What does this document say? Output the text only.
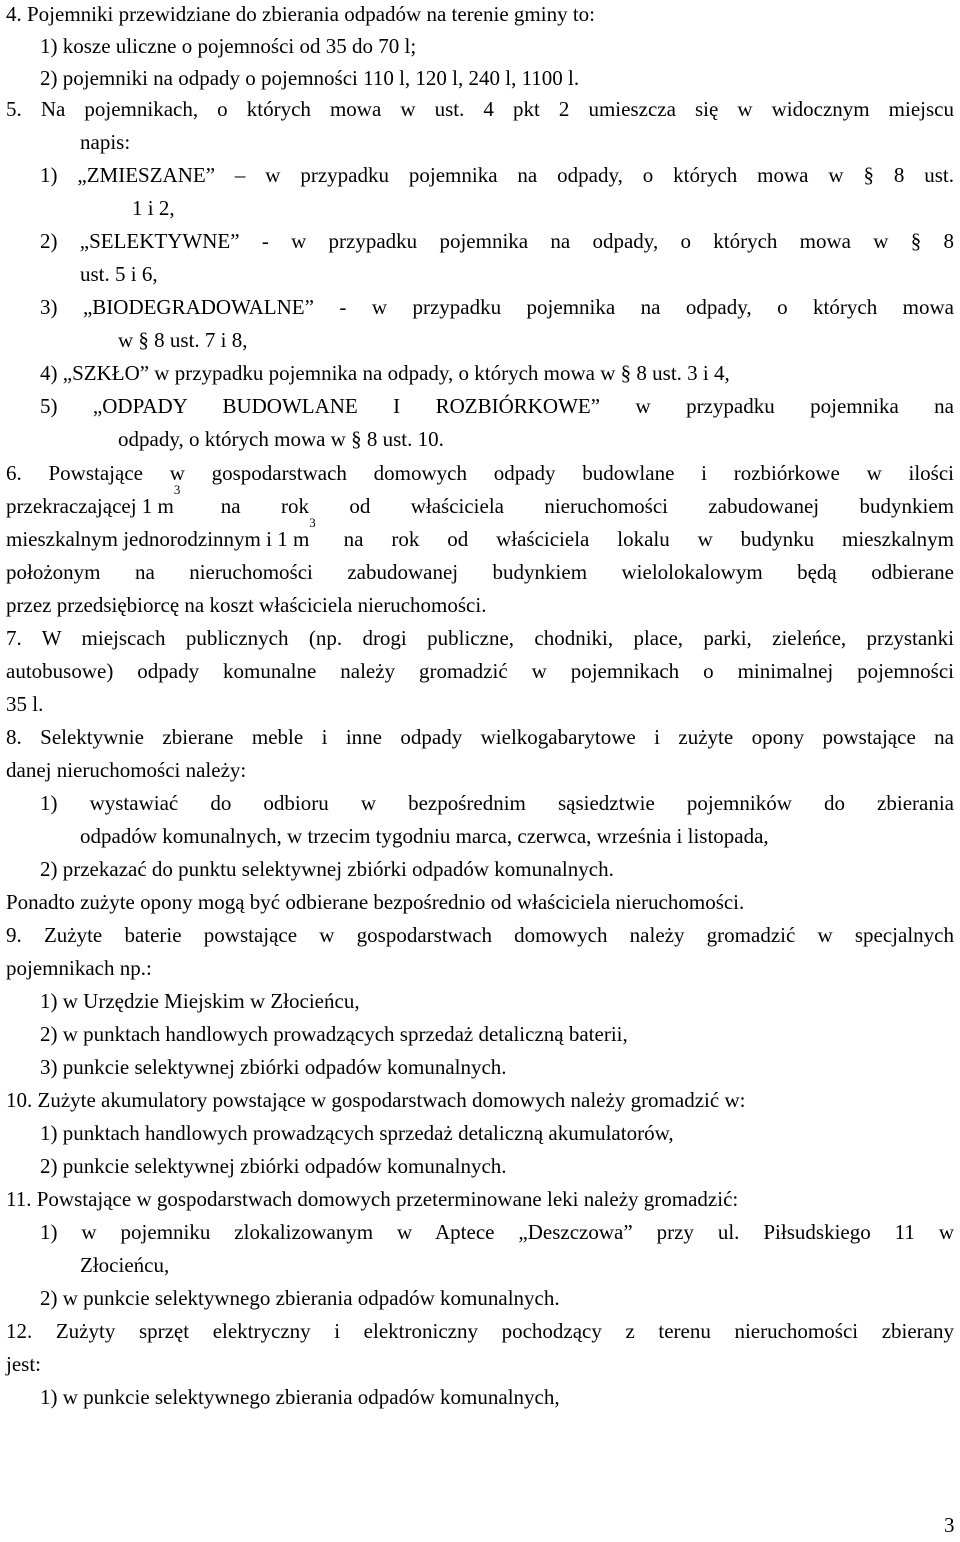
4. Pojemniki przewidziane do zbierania odpadów na terenie gminy to:
1) kosze uliczne o pojemności od 35 do 70 l;
2) pojemniki na odpady o pojemności 110 l, 120 l, 240 l, 1100 l.
5. Na pojemnikach, o których mowa w ust. 4 pkt 2 umieszcza się w widocznym miejscu
napis:
1) „ZMIESZANE” – w przypadku pojemnika na odpady, o których mowa w § 8 ust.
1 i 2,
2) „SELEKTYWNE” - w przypadku pojemnika na odpady, o których mowa w § 8
ust. 5 i 6,
3) „BIODEGRADOWALNE” - w przypadku pojemnika na odpady, o których mowa
w § 8 ust. 7 i 8,
4) „SZKŁO” w przypadku pojemnika na odpady, o których mowa w § 8 ust. 3 i 4,
5) „ODPADY BUDOWLANE I ROZBIÓRKOWE” w przypadku pojemnika na
odpady, o których mowa w § 8 ust. 10.
6. Powstające w gospodarstwach domowych odpady budowlane i rozbiórkowe w ilości
przekraczającej 1 m
3
na rok od właściciela nieruchomości zabudowanej budynkiem
mieszkalnym jednorodzinnym i 1 m
3
na rok od właściciela lokalu w budynku mieszkalnym
położonym na nieruchomości zabudowanej budynkiem wielolokalowym będą odbierane
przez przedsiębiorcę na koszt właściciela nieruchomości.
7. W miejscach publicznych (np. drogi publiczne, chodniki, place, parki, zieleńce, przystanki
autobusowe) odpady komunalne należy gromadzić w pojemnikach o minimalnej pojemności
35 l.
8. Selektywnie zbierane meble i inne odpady wielkogabarytowe i zużyte opony powstające na
danej nieruchomości należy:
1) wystawiać do odbioru w bezpośrednim sąsiedztwie pojemników do zbierania
odpadów komunalnych, w trzecim tygodniu marca, czerwca, września i listopada,
2) przekazać do punktu selektywnej zbiórki odpadów komunalnych.
Ponadto zużyte opony mogą być odbierane bezpośrednio od właściciela nieruchomości.
9. Zużyte baterie powstające w gospodarstwach domowych należy gromadzić w specjalnych
pojemnikach np.:
1) w Urzędzie Miejskim w Złocieńcu,
2) w punktach handlowych prowadzących sprzedaż detaliczną baterii,
3) punkcie selektywnej zbiórki odpadów komunalnych.
10. Zużyte akumulatory powstające w gospodarstwach domowych należy gromadzić w:
1) punktach handlowych prowadzących sprzedaż detaliczną akumulatorów,
2) punkcie selektywnej zbiórki odpadów komunalnych.
11. Powstające w gospodarstwach domowych przeterminowane leki należy gromadzić:
1) w pojemniku zlokalizowanym w Aptece „Deszczowa” przy ul. Piłsudskiego 11 w
Złocieńcu,
2) w punkcie selektywnego zbierania odpadów komunalnych.
12. Zużyty sprzęt elektryczny i elektroniczny pochodzący z terenu nieruchomości zbierany
jest:
1) w punkcie selektywnego zbierania odpadów komunalnych,
3
